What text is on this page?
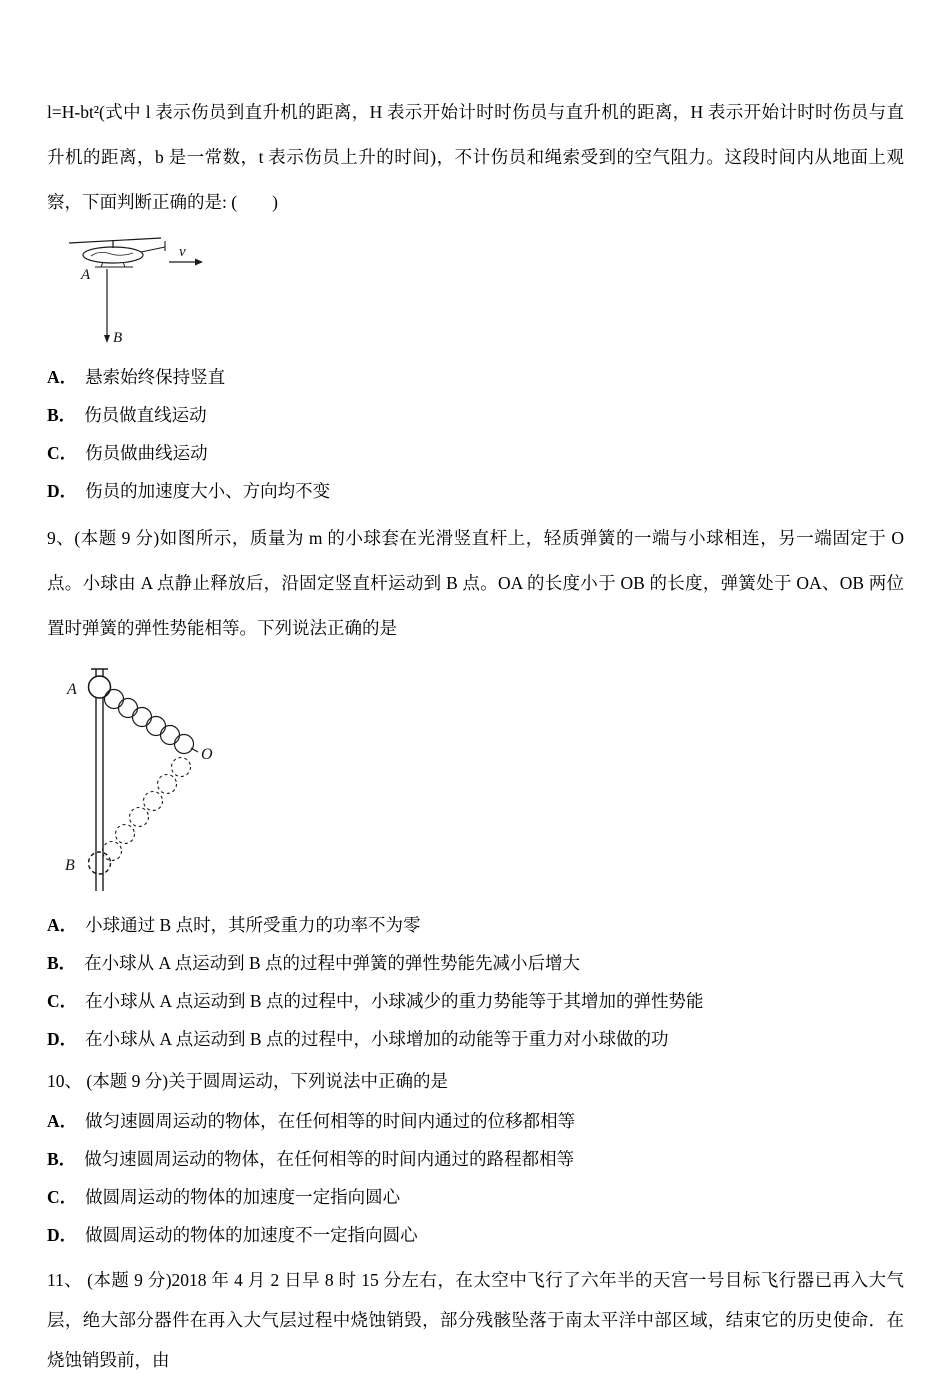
l=H-bt²(式中 l 表示伤员到直升机的距离，H 表示开始计时时伤员与直升机的距离，H 表示开始计时时伤员与直升机的距离，b 是一常数，t 表示伤员上升的时间)，不计伤员和绳索受到的空气阻力。这段时间内从地面上观察，下面判断正确的是: (　　)

A
v
B
A． 悬索始终保持竖直
B． 伤员做直线运动
C． 伤员做曲线运动
D． 伤员的加速度大小、方向均不变

9、(本题 9 分)如图所示，质量为 m 的小球套在光滑竖直杆上，轻质弹簧的一端与小球相连，另一端固定于 O 点。小球由 A 点静止释放后，沿固定竖直杆运动到 B 点。OA 的长度小于 OB 的长度，弹簧处于 OA、OB 两位置时弹簧的弹性势能相等。下列说法正确的是

A
O
B
A． 小球通过 B 点时，其所受重力的功率不为零
B． 在小球从 A 点运动到 B 点的过程中弹簧的弹性势能先减小后增大
C． 在小球从 A 点运动到 B 点的过程中，小球减少的重力势能等于其增加的弹性势能
D． 在小球从 A 点运动到 B 点的过程中，小球增加的动能等于重力对小球做的功

10、 (本题 9 分)关于圆周运动，下列说法中正确的是

A． 做匀速圆周运动的物体，在任何相等的时间内通过的位移都相等
B． 做匀速圆周运动的物体，在任何相等的时间内通过的路程都相等
C． 做圆周运动的物体的加速度一定指向圆心
D． 做圆周运动的物体的加速度不一定指向圆心

11、 (本题 9 分)2018 年 4 月 2 日早 8 时 15 分左右，在太空中飞行了六年半的天宫一号目标飞行器已再入大气层，绝大部分器件在再入大气层过程中烧蚀销毁，部分残骸坠落于南太平洋中部区域，结束它的历史使命．在烧蚀销毁前，由
